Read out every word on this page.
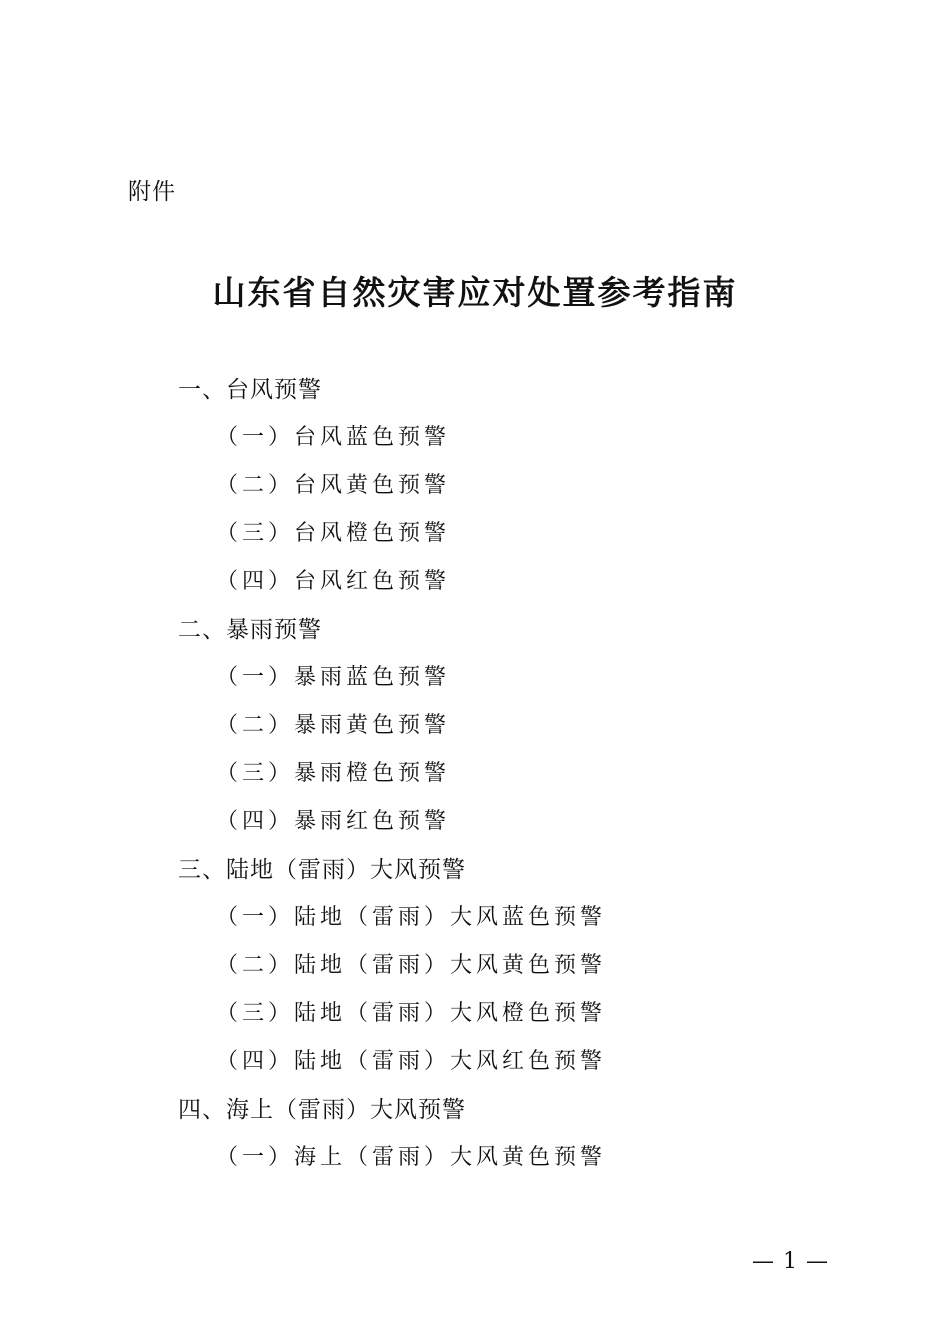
附件
山东省自然灾害应对处置参考指南
一、台风预警
（一）台风蓝色预警
（二）台风黄色预警
（三）台风橙色预警
（四）台风红色预警
二、暴雨预警
（一）暴雨蓝色预警
（二）暴雨黄色预警
（三）暴雨橙色预警
（四）暴雨红色预警
三、陆地（雷雨）大风预警
（一）陆地（雷雨）大风蓝色预警
（二）陆地（雷雨）大风黄色预警
（三）陆地（雷雨）大风橙色预警
（四）陆地（雷雨）大风红色预警
四、海上（雷雨）大风预警
（一）海上（雷雨）大风黄色预警
— 1 —
